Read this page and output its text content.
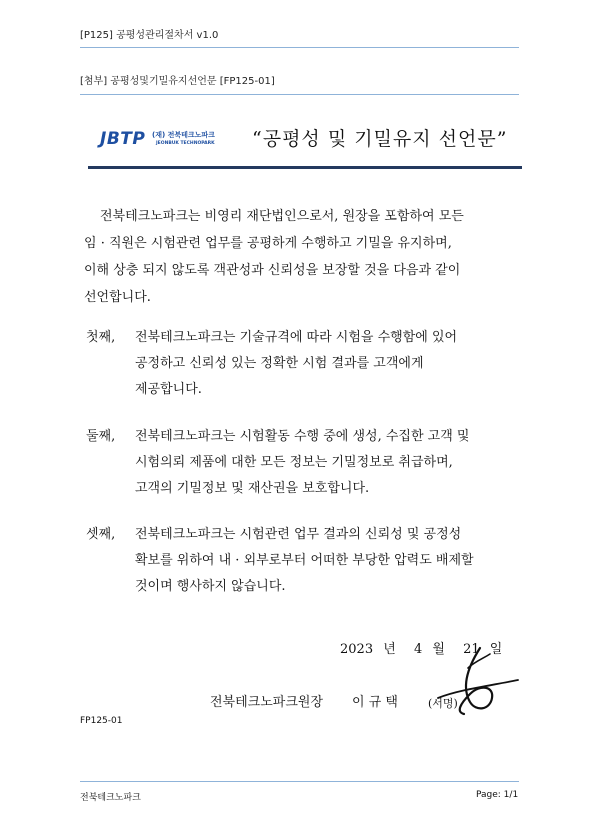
[P125] 공평성관리절차서 v1.0
[첨부] 공평성및기밀유지선언문 [FP125-01]
JBTP (재) 전북테크노파크
JEONBUK TECHNOPARK “공평성 및 기밀유지 선언문”
전북테크노파크는 비영리 재단법인으로서, 원장을 포함하여 모든
임 · 직원은 시험관련 업무를 공평하게 수행하고 기밀을 유지하며,
이해 상충 되지 않도록 객관성과 신뢰성을 보장할 것을 다음과 같이
선언합니다.
첫째, 전북테크노파크는 기술규격에 따라 시험을 수행함에 있어
공정하고 신뢰성 있는 정확한 시험 결과를 고객에게
제공합니다.
둘째, 전북테크노파크는 시험활동 수행 중에 생성, 수집한 고객 및
시험의뢰 제품에 대한 모든 정보는 기밀정보로 취급하며,
고객의 기밀정보 및 재산권을 보호합니다.
셋째, 전북테크노파크는 시험관련 업무 결과의 신뢰성 및 공정성
확보를 위하여 내 · 외부로부터 어떠한 부당한 압력도 배제할
것이며 행사하지 않습니다.
2023 년 4 월 21 일
전북테크노파크원장 이 규 택	(서명)
FP125-01
전북테크노파크	Page: 1/1
